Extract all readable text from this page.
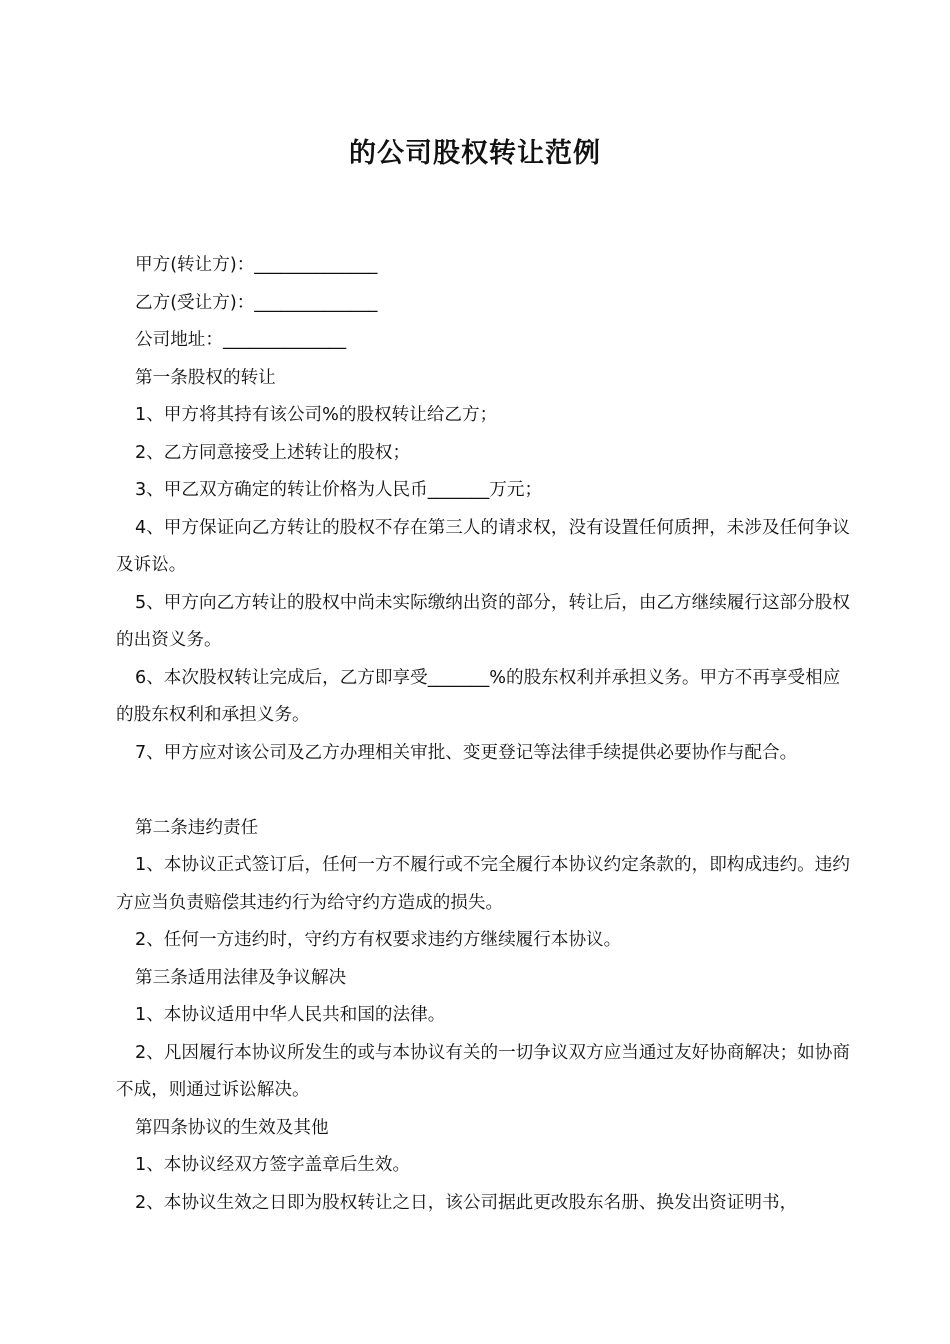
的公司股权转让范例

甲方(转让方)：______________

乙方(受让方)：______________

公司地址：______________

第一条股权的转让

1、甲方将其持有该公司%的股权转让给乙方；

2、乙方同意接受上述转让的股权；

3、甲乙双方确定的转让价格为人民币_______万元；

4、甲方保证向乙方转让的股权不存在第三人的请求权，没有设置任何质押，未涉及任何争议及诉讼。

5、甲方向乙方转让的股权中尚未实际缴纳出资的部分，转让后，由乙方继续履行这部分股权的出资义务。

6、本次股权转让完成后，乙方即享受_______%的股东权利并承担义务。甲方不再享受相应的股东权利和承担义务。

7、甲方应对该公司及乙方办理相关审批、变更登记等法律手续提供必要协作与配合。

第二条违约责任

1、本协议正式签订后，任何一方不履行或不完全履行本协议约定条款的，即构成违约。违约方应当负责赔偿其违约行为给守约方造成的损失。

2、任何一方违约时，守约方有权要求违约方继续履行本协议。

第三条适用法律及争议解决

1、本协议适用中华人民共和国的法律。

2、凡因履行本协议所发生的或与本协议有关的一切争议双方应当通过友好协商解决；如协商不成，则通过诉讼解决。

第四条协议的生效及其他

1、本协议经双方签字盖章后生效。

2、本协议生效之日即为股权转让之日，该公司据此更改股东名册、换发出资证明书，
